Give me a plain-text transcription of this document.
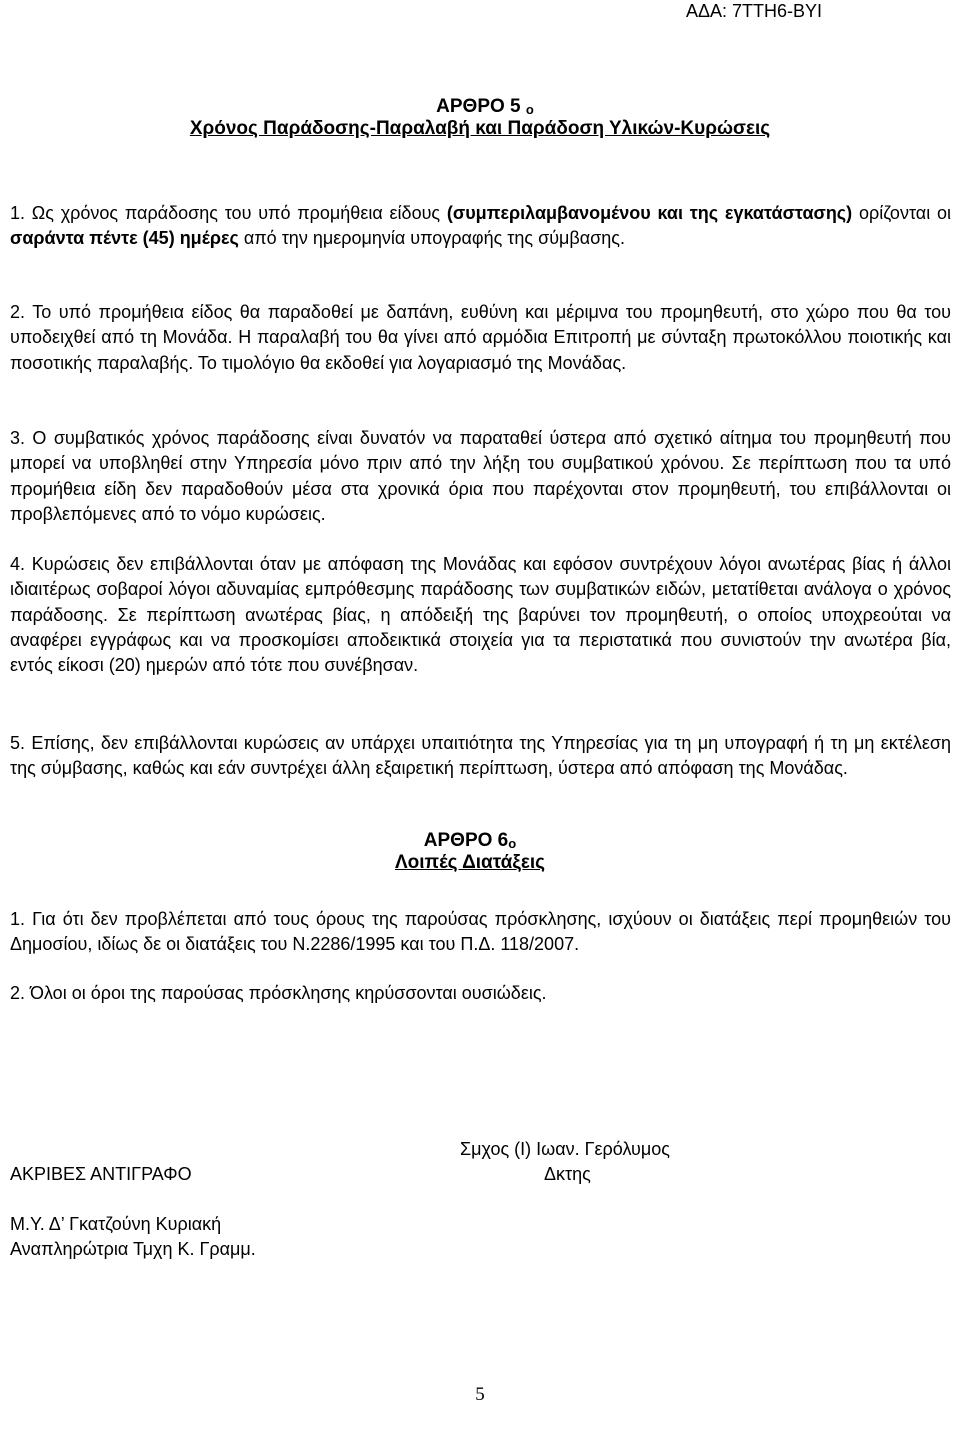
ΑΔΑ: 7ΤΤΗ6-ΒΥΙ
ΑΡΘΡΟ 5 ο
Χρόνος Παράδοσης-Παραλαβή και Παράδοση Υλικών-Κυρώσεις
1. Ως χρόνος παράδοσης του υπό προμήθεια είδους (συμπεριλαμβανομένου και της εγκατάστασης) ορίζονται οι σαράντα πέντε (45) ημέρες από την ημερομηνία υπογραφής της σύμβασης.
2. Το υπό προμήθεια είδος θα παραδοθεί με δαπάνη, ευθύνη και μέριμνα του προμηθευτή, στο χώρο που θα του υποδειχθεί από τη Μονάδα. Η παραλαβή του θα γίνει από αρμόδια Επιτροπή με σύνταξη πρωτοκόλλου ποιοτικής και ποσοτικής παραλαβής. Το τιμολόγιο θα εκδοθεί για λογαριασμό της Μονάδας.
3. Ο συμβατικός χρόνος παράδοσης είναι δυνατόν να παραταθεί ύστερα από σχετικό αίτημα του προμηθευτή που μπορεί να υποβληθεί στην Υπηρεσία μόνο πριν από την λήξη του συμβατικού χρόνου. Σε περίπτωση που τα υπό προμήθεια είδη δεν παραδοθούν μέσα στα χρονικά όρια που παρέχονται στον προμηθευτή, του επιβάλλονται οι προβλεπόμενες από το νόμο κυρώσεις.
4. Κυρώσεις δεν επιβάλλονται όταν με απόφαση της Μονάδας και εφόσον συντρέχουν λόγοι ανωτέρας βίας ή άλλοι ιδιαιτέρως σοβαροί λόγοι αδυναμίας εμπρόθεσμης παράδοσης των συμβατικών ειδών, μετατίθεται ανάλογα ο χρόνος παράδοσης. Σε περίπτωση ανωτέρας βίας, η απόδειξή της βαρύνει τον προμηθευτή, ο οποίος υποχρεούται να αναφέρει εγγράφως και να προσκομίσει αποδεικτικά στοιχεία για τα περιστατικά που συνιστούν την ανωτέρα βία, εντός είκοσι (20) ημερών από τότε που συνέβησαν.
5. Επίσης, δεν επιβάλλονται κυρώσεις αν υπάρχει υπαιτιότητα της Υπηρεσίας για τη μη υπογραφή ή τη μη εκτέλεση της σύμβασης, καθώς και εάν συντρέχει άλλη εξαιρετική περίπτωση, ύστερα από απόφαση της Μονάδας.
ΑΡΘΡΟ 6ο
Λοιπές Διατάξεις
1. Για ότι δεν προβλέπεται από τους όρους της παρούσας πρόσκλησης, ισχύουν οι διατάξεις περί προμηθειών του Δημοσίου, ιδίως δε οι διατάξεις του Ν.2286/1995 και του Π.Δ. 118/2007.
2. Όλοι οι όροι της παρούσας πρόσκλησης κηρύσσονται ουσιώδεις.
Σμχος (Ι) Ιωαν. Γερόλυμος
Δκτης
ΑΚΡΙΒΕΣ ΑΝΤΙΓΡΑΦΟ
Μ.Υ. Δ’ Γκατζούνη Κυριακή
Αναπληρώτρια Τμχη Κ. Γραμμ.
5
